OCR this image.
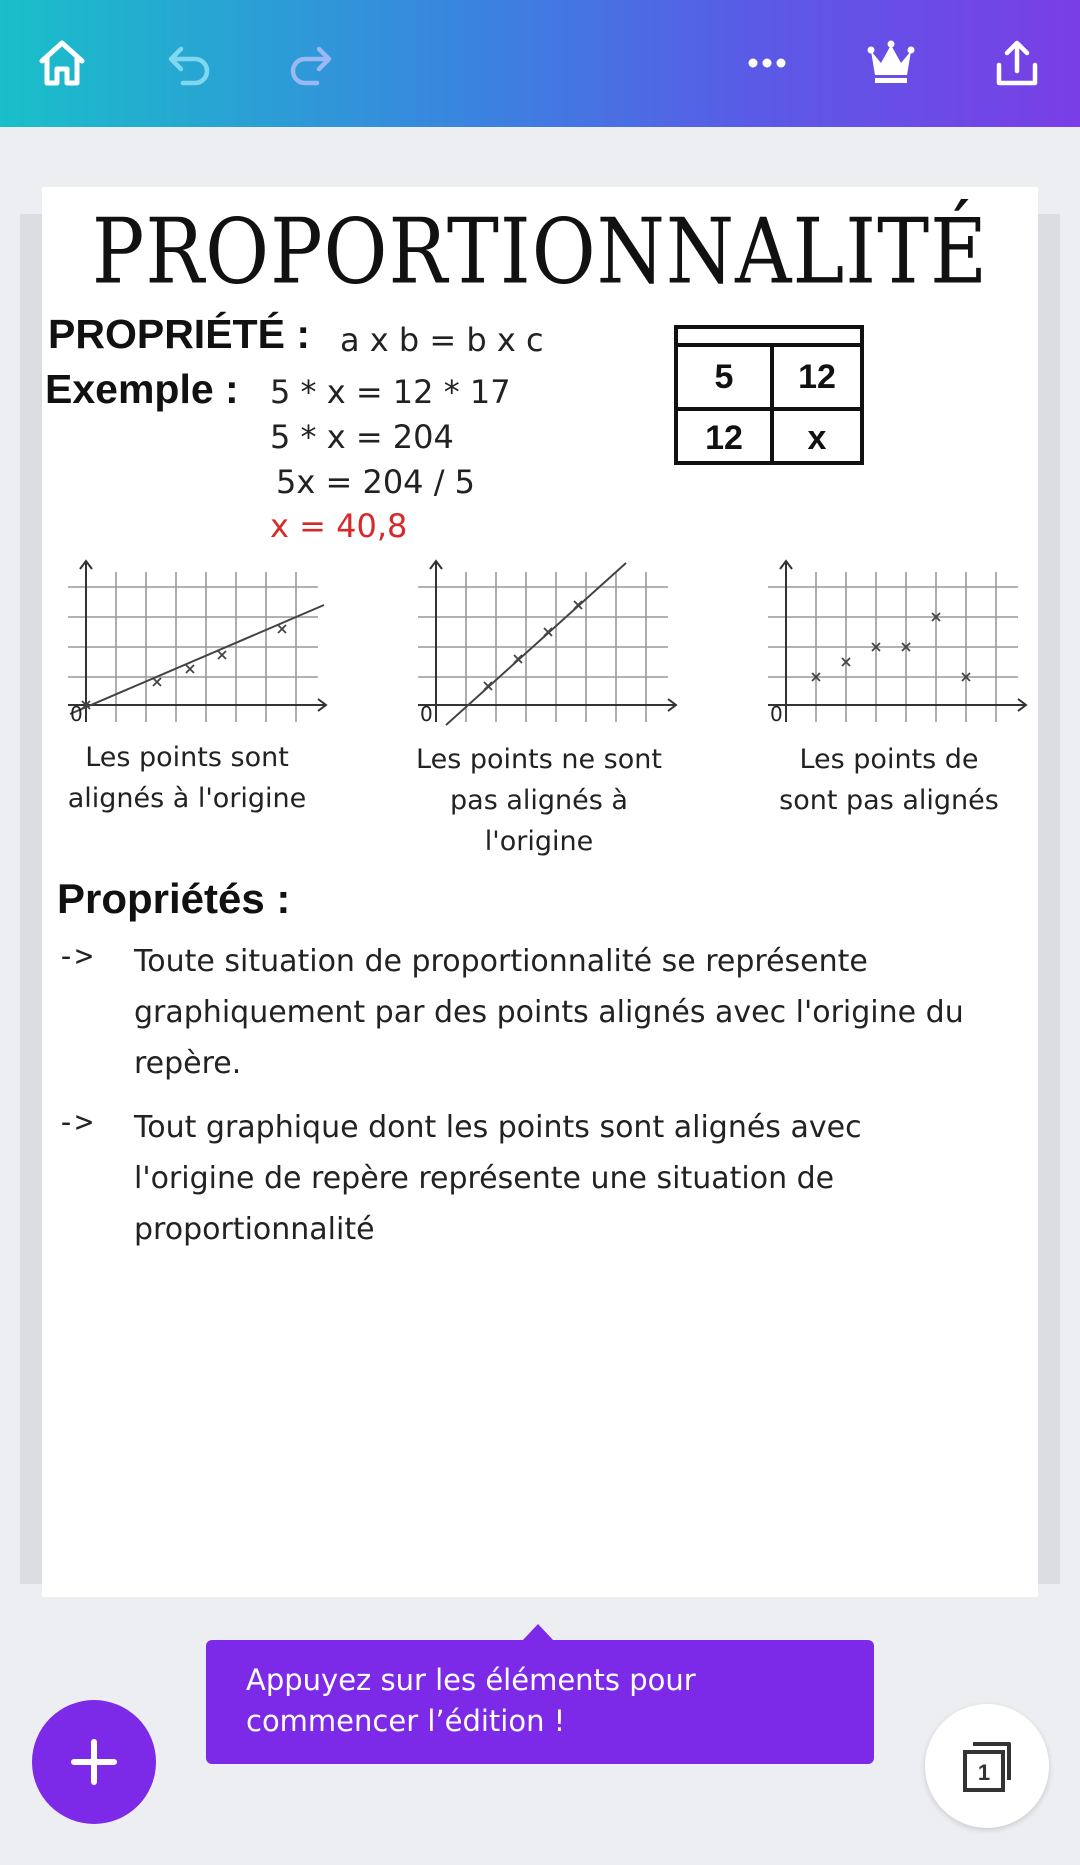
PROPORTIONNALITÉ
PROPRIÉTÉ : a x b = b x c
Exemple : 5 * x = 12 * 17
5 * x = 204
5x = 204 / 5
x = 40,8
5	12
12	x
0
Les points sont
alignés à l'origine
0
Les points ne sont
pas alignés à
l'origine
0
Les points de
sont pas alignés
Propriétés :
-> Toute situation de proportionnalité se représente
graphiquement par des points alignés avec l'origine du
repère.
-> Tout graphique dont les points sont alignés avec
l'origine de repère représente une situation de
proportionnalité
Appuyez sur les éléments pour
commencer l’édition !
1
